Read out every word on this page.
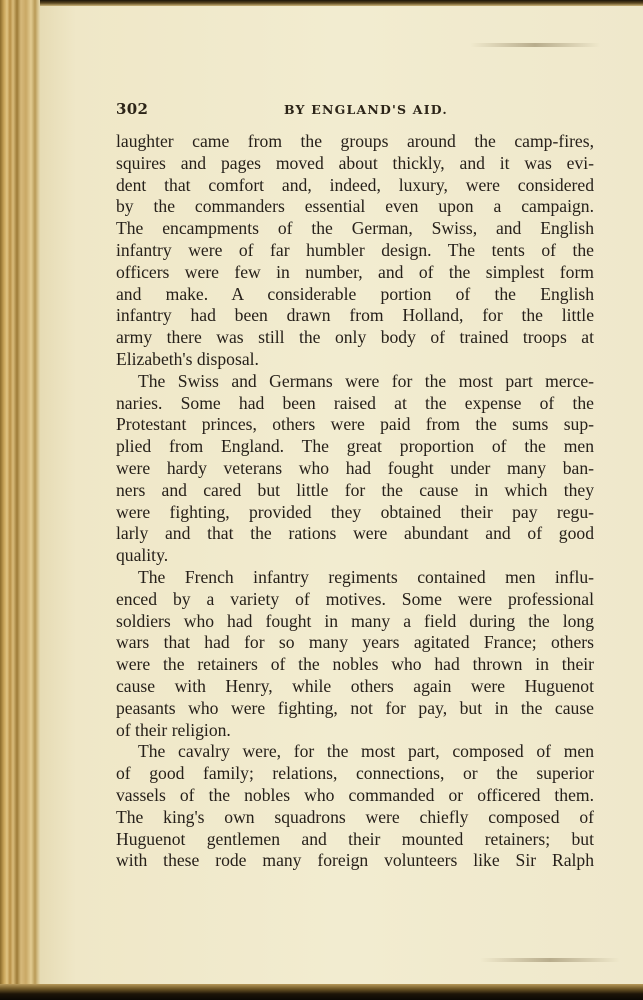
302	BY ENGLAND'S AID.

laughter came from the groups around the camp-fires,
squires and pages moved about thickly, and it was evi-
dent that comfort and, indeed, luxury, were considered
by the commanders essential even upon a campaign.
The encampments of the German, Swiss, and English
infantry were of far humbler design. The tents of the
officers were few in number, and of the simplest form
and make. A considerable portion of the English
infantry had been drawn from Holland, for the little
army there was still the only body of trained troops at
Elizabeth's disposal.

The Swiss and Germans were for the most part merce-
naries. Some had been raised at the expense of the
Protestant princes, others were paid from the sums sup-
plied from England. The great proportion of the men
were hardy veterans who had fought under many ban-
ners and cared but little for the cause in which they
were fighting, provided they obtained their pay regu-
larly and that the rations were abundant and of good
quality.

The French infantry regiments contained men influ-
enced by a variety of motives. Some were professional
soldiers who had fought in many a field during the long
wars that had for so many years agitated France; others
were the retainers of the nobles who had thrown in their
cause with Henry, while others again were Huguenot
peasants who were fighting, not for pay, but in the cause
of their religion.

The cavalry were, for the most part, composed of men
of good family; relations, connections, or the superior
vassels of the nobles who commanded or officered them.
The king's own squadrons were chiefly composed of
Huguenot gentlemen and their mounted retainers; but
with these rode many foreign volunteers like Sir Ralph
